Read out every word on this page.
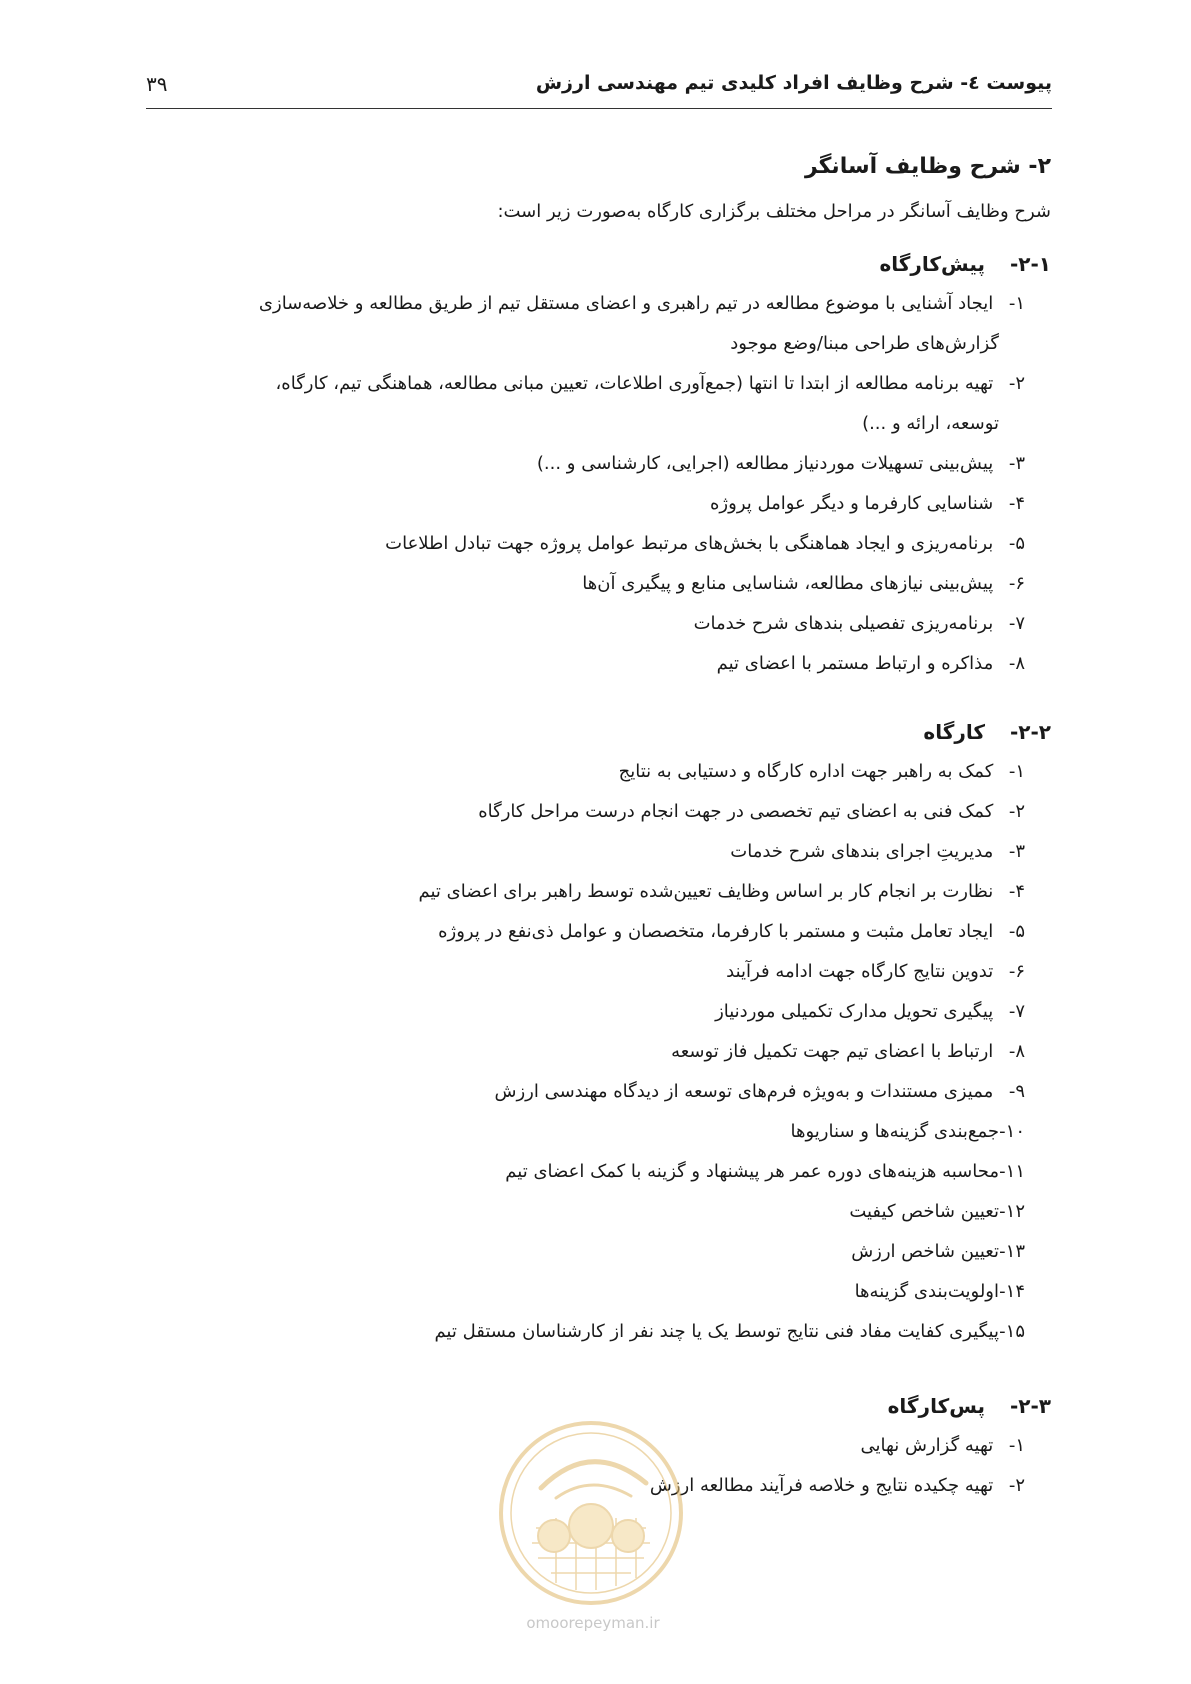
۳۹	پیوست ٤- شرح وظایف افراد کلیدی تیم مهندسی ارزش
۲- شرح وظایف آسانگر

شرح وظایف آسانگر در مراحل مختلف برگزاری کارگاه به‌صورت زیر است:

۲-۱-پیش‌کارگاه
۱- ایجاد آشنایی با موضوع مطالعه در تیم راهبری و اعضای مستقل تیم از طریق مطالعه و خلاصه‌سازی
گزارش‌های طراحی مبنا/وضع موجود
۲- تهیه برنامه مطالعه از ابتدا تا انتها (جمع‌آوری اطلاعات، تعیین مبانی مطالعه، هماهنگی تیم، کارگاه،
توسعه، ارائه و ...)
۳- پیش‌بینی تسهیلات موردنیاز مطالعه (اجرایی، کارشناسی و ...)
۴- شناسایی کارفرما و دیگر عوامل پروژه
۵- برنامه‌ریزی و ایجاد هماهنگی با بخش‌های مرتبط عوامل پروژه جهت تبادل اطلاعات
۶- پیش‌بینی نیازهای مطالعه، شناسایی منابع و پیگیری آن‌ها
۷- برنامه‌ریزی تفصیلی بندهای شرح خدمات
۸- مذاکره و ارتباط مستمر با اعضای تیم
۲-۲-کارگاه
۱- کمک به راهبر جهت اداره کارگاه و دستیابی به نتایج
۲- کمک فنی به اعضای تیم تخصصی در جهت انجام درست مراحل کارگاه
۳- مدیریتِ اجرای بندهای شرح خدمات
۴- نظارت بر انجام کار بر اساس وظایف تعیین‌شده توسط راهبر برای اعضای تیم
۵- ایجاد تعامل مثبت و مستمر با کارفرما، متخصصان و عوامل ذی‌نفع در پروژه
۶- تدوین نتایج کارگاه جهت ادامه فرآیند
۷- پیگیری تحویل مدارک تکمیلی موردنیاز
۸- ارتباط با اعضای تیم جهت تکمیل فاز توسعه
۹- ممیزی مستندات و به‌ویژه فرم‌های توسعه از دیدگاه مهندسی ارزش
۱۰-جمع‌بندی گزینه‌ها و سناریوها
۱۱-محاسبه هزینه‌های دوره عمر هر پیشنهاد و گزینه با کمک اعضای تیم
۱۲-تعیین شاخص کیفیت
۱۳-تعیین شاخص ارزش
۱۴-اولویت‌بندی گزینه‌ها
۱۵-پیگیری کفایت مفاد فنی نتایج توسط یک یا چند نفر از کارشناسان مستقل تیم
۲-۳-پس‌کارگاه
۱- تهیه گزارش نهایی
۲- تهیه چکیده نتایج و خلاصه فرآیند مطالعه ارزش
omoorepeyman.ir
